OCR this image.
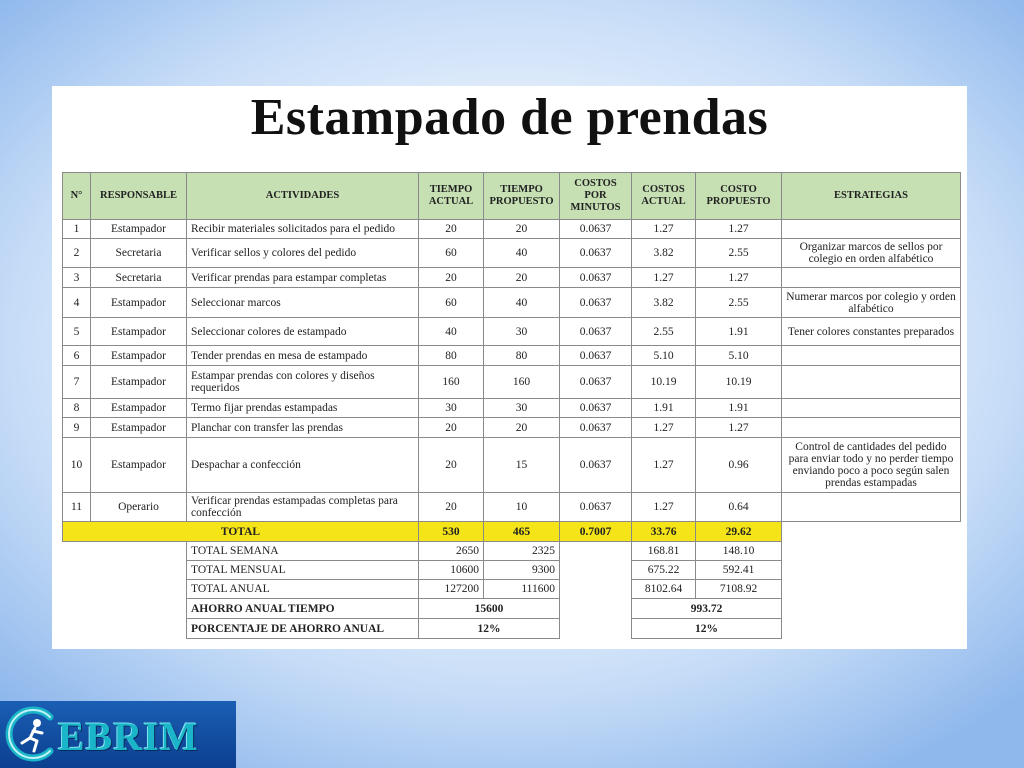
Estampado de prendas
N°	RESPONSABLE	ACTIVIDADES	TIEMPO ACTUAL	TIEMPO PROPUESTO	COSTOS POR MINUTOS	COSTOS ACTUAL	COSTO PROPUESTO	ESTRATEGIAS
1	Estampador	Recibir materiales solicitados para el pedido	20	20	0.0637	1.27	1.27	
2	Secretaria	Verificar sellos y colores del pedido	60	40	0.0637	3.82	2.55	Organizar marcos de sellos por colegio en orden alfabético
3	Secretaria	Verificar prendas para estampar completas	20	20	0.0637	1.27	1.27	
4	Estampador	Seleccionar marcos	60	40	0.0637	3.82	2.55	Numerar marcos por colegio y orden alfabético
5	Estampador	Seleccionar colores de estampado	40	30	0.0637	2.55	1.91	Tener colores constantes preparados
6	Estampador	Tender prendas en mesa de estampado	80	80	0.0637	5.10	5.10	
7	Estampador	Estampar prendas con colores y diseños requeridos	160	160	0.0637	10.19	10.19	
8	Estampador	Termo fijar prendas estampadas	30	30	0.0637	1.91	1.91	
9	Estampador	Planchar con transfer las prendas	20	20	0.0637	1.27	1.27	
10	Estampador	Despachar a confección	20	15	0.0637	1.27	0.96	Control de cantidades del pedido para enviar todo y no perder tiempo enviando poco a poco según salen prendas estampadas
11	Operario	Verificar prendas estampadas completas para confección	20	10	0.0637	1.27	0.64	
TOTAL			530	465	0.7007	33.76	29.62	
		TOTAL SEMANA	2650	2325		168.81	148.10	
		TOTAL MENSUAL	10600	9300		675.22	592.41	
		TOTAL ANUAL	127200	111600		8102.64	7108.92	
		AHORRO ANUAL TIEMPO	15600			993.72		
		PORCENTAJE DE AHORRO ANUAL	12%			12%		
EBRIM
